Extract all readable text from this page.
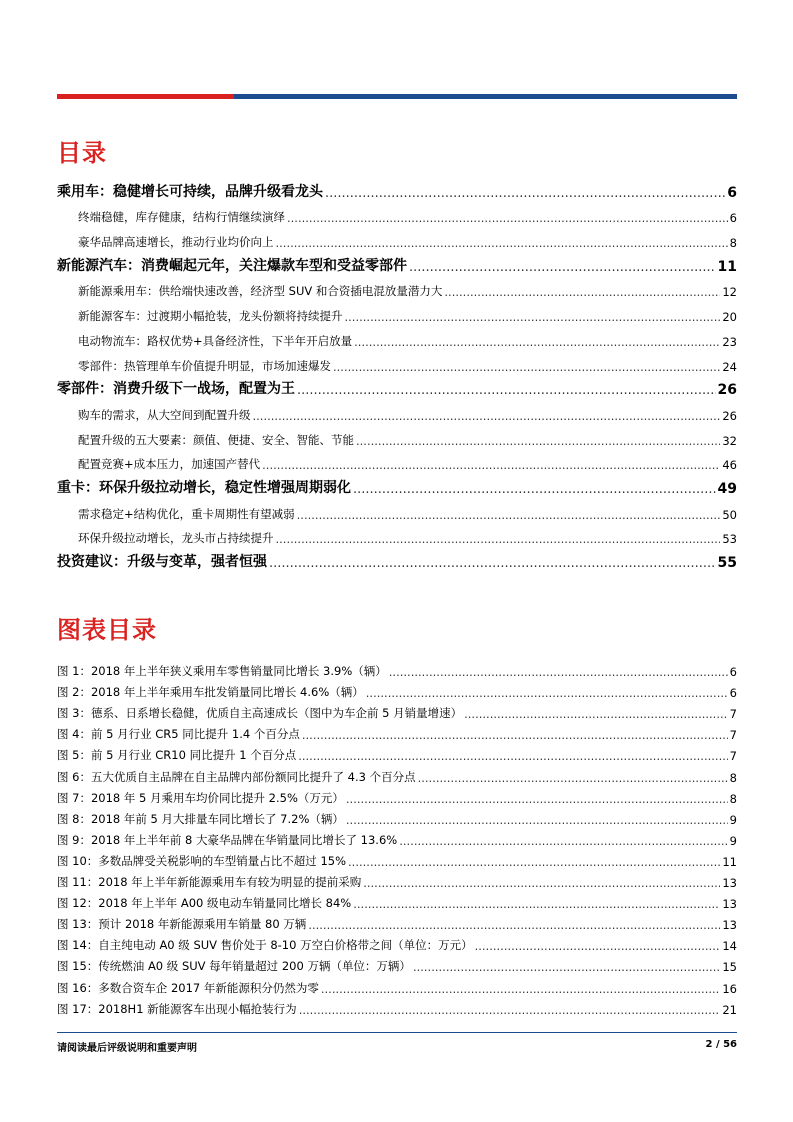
目录
乘用车：稳健增长可持续，品牌升级看龙头 .....	6
终端稳健，库存健康，结构行情继续演绎 .....	6
豪华品牌高速增长，推动行业均价向上 .....	8
新能源汽车：消费崛起元年，关注爆款车型和受益零部件 .....	11
新能源乘用车：供给端快速改善，经济型 SUV 和合资插电混放量潜力大 .....	12
新能源客车：过渡期小幅抢装，龙头份额将持续提升 .....	20
电动物流车：路权优势+具备经济性，下半年开启放量 .....	23
零部件：热管理单车价值提升明显，市场加速爆发 .....	24
零部件：消费升级下一战场，配置为王 .....	26
购车的需求，从大空间到配置升级 .....	26
配置升级的五大要素：颜值、便捷、安全、智能、节能 .....	32
配置竞赛+成本压力，加速国产替代 .....	46
重卡：环保升级拉动增长，稳定性增强周期弱化 .....	49
需求稳定+结构优化，重卡周期性有望减弱 .....	50
环保升级拉动增长，龙头市占持续提升 .....	53
投资建议：升级与变革，强者恒强 .....	55
图表目录
图 1：2018 年上半年狭义乘用车零售销量同比增长 3.9%（辆） .....	6
图 2：2018 年上半年乘用车批发销量同比增长 4.6%（辆） .....	6
图 3：德系、日系增长稳健，优质自主高速成长（图中为车企前 5 月销量增速） .....	7
图 4：前 5 月行业 CR5 同比提升 1.4 个百分点 .....	7
图 5：前 5 月行业 CR10 同比提升 1 个百分点 .....	7
图 6：五大优质自主品牌在自主品牌内部份额同比提升了 4.3 个百分点 .....	8
图 7：2018 年 5 月乘用车均价同比提升 2.5%（万元） .....	8
图 8：2018 年前 5 月大排量车同比增长了 7.2%（辆） .....	9
图 9：2018 年上半年前 8 大豪华品牌在华销量同比增长了 13.6% .....	9
图 10：多数品牌受关税影响的车型销量占比不超过 15% .....	11
图 11：2018 年上半年新能源乘用车有较为明显的提前采购 .....	13
图 12：2018 年上半年 A00 级电动车销量同比增长 84% .....	13
图 13：预计 2018 年新能源乘用车销量 80 万辆 .....	13
图 14：自主纯电动 A0 级 SUV 售价处于 8-10 万空白价格带之间（单位：万元） .....	14
图 15：传统燃油 A0 级 SUV 每年销量超过 200 万辆（单位：万辆） .....	15
图 16：多数合资车企 2017 年新能源积分仍然为零 .....	16
图 17：2018H1 新能源客车出现小幅抢装行为 .....	21
请阅读最后评级说明和重要声明	2 / 56
